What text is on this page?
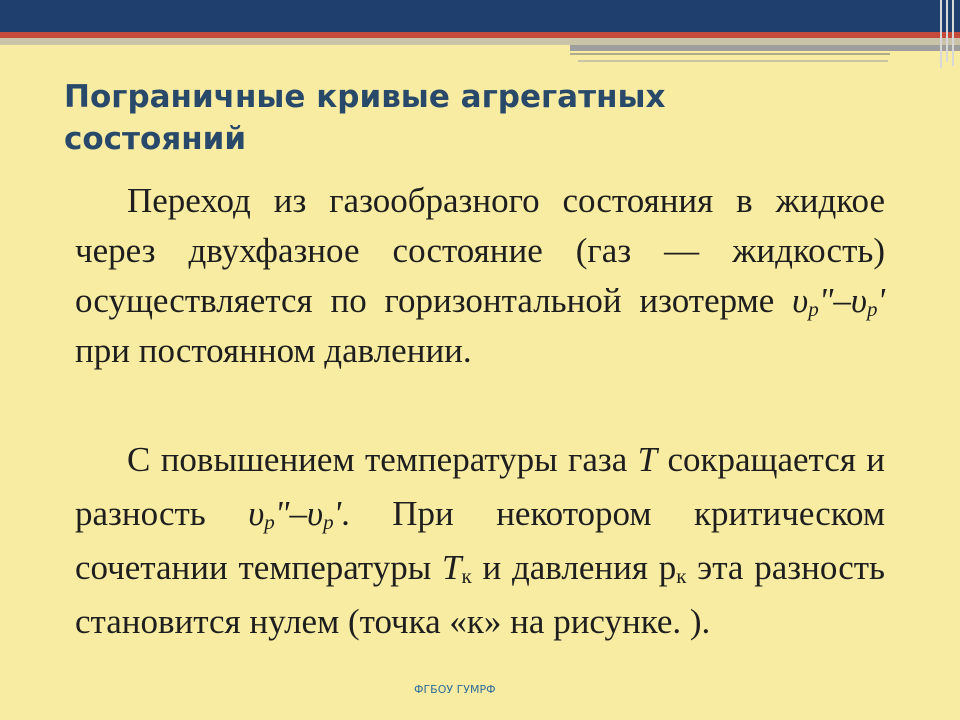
Пограничные кривые агрегатных состояний

Переход из газообразного состояния в жидкое через двухфазное состояние (газ — жидкость) осуществляется по горизонтальной изотерме $\upsilon_p"-\upsilon_p'$ при постоянном давлении.

С повышением температуры газа T сокращается и разность $\upsilon_p"-\upsilon_p'$. При некотором критическом сочетании температуры $T_к$ и давления $р_к$ эта разность становится нулем (точка «к» на рисунке. ).

ФГБОУ ГУМРФ
